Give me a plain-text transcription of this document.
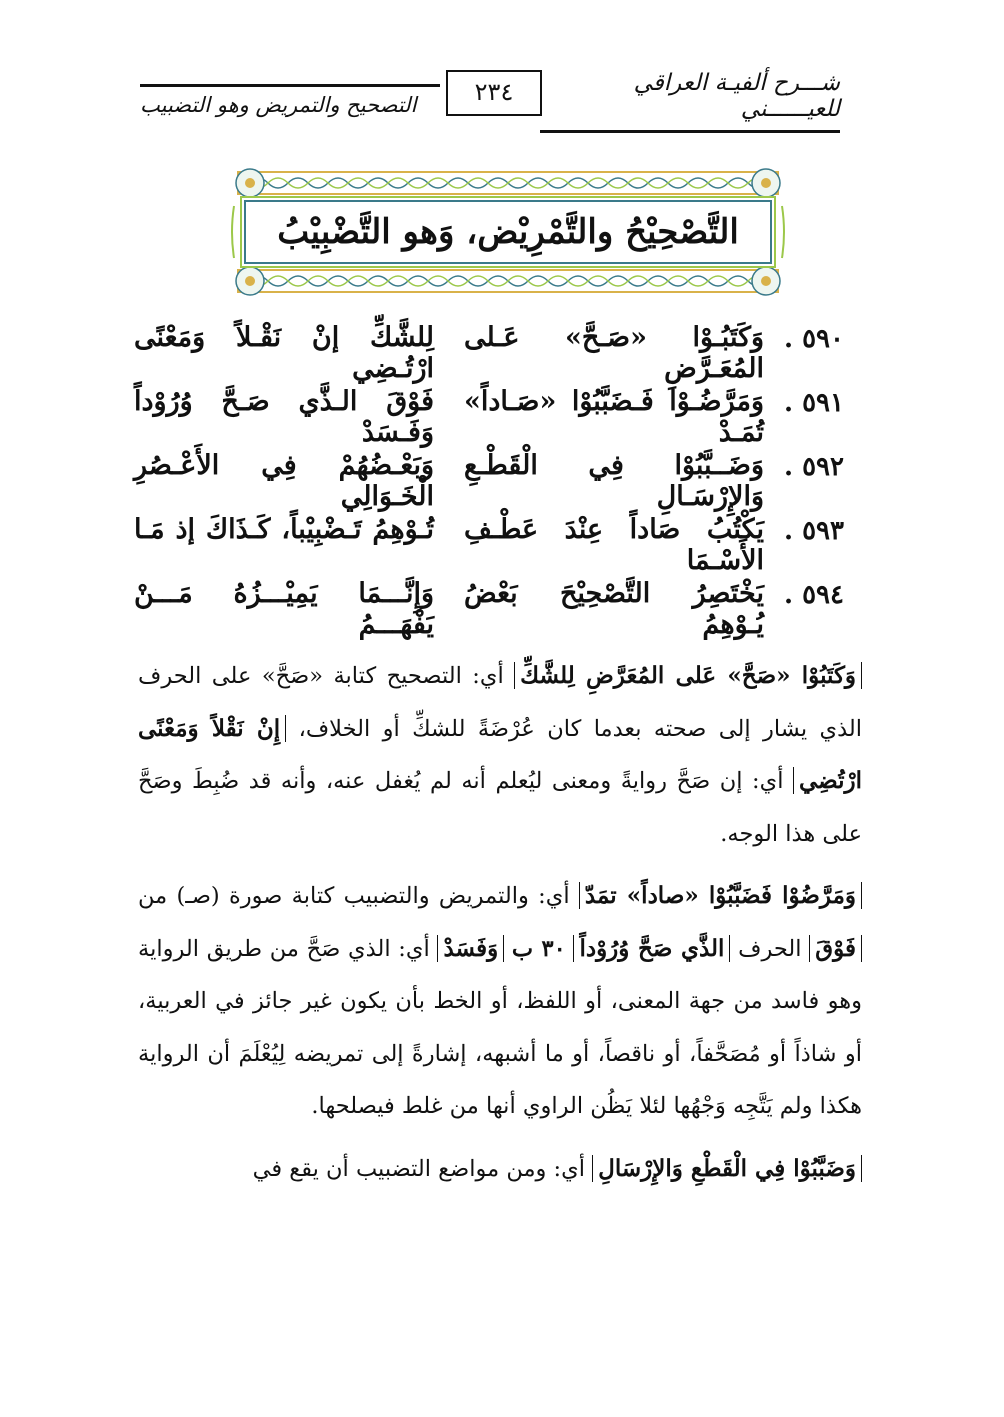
شـــرح ألفيـة العراقي للعيــــــني
٢٣٤
التصحيح والتمريض وهو التضبيب
التَّصْحِيْحُ والتَّمْرِيْض، وَهو التَّضْبِيْبُ
٥٩٠ .
وَكَتَبُـوْا «صَـحَّ» عَـلى المُعَـرَّضِ
لِلشَّكِّ إنْ نَقْـلاً وَمَعْنًى ارْتُـضِي
٥٩١ .
وَمَرَّضُـوْا فَـضَبَّبُوْا «صَـاداً» تُمَـدْ
فَوْقَ الـذَّي صَـحَّ وُرُوْداً وَفَـسَدْ
٥٩٢ .
وَضَــبَّبُوْا فِي الْقَطْـعِ وَالإِرْسَـالِ
وَبَعْـضُهُمْ فِي الأَعْـصُرِ الْخَـوَالِي
٥٩٣ .
يَكْتُبُ صَاداً عِنْدَ عَطْـفِ الأَسْـمَا
تُـوْهِمُ تَـضْبِيْباً، كَـذَاكَ إذ مَـا
٥٩٤ .
يَخْتَصِرُ التَّصْحِيْحَ بَعْضُ يُـوْهِمُ
وَإِنَّـــمَا يَمِيْـــزُهُ مَـــنْ يَفْهَـــمُ

وَكَتَبُوْا «صَحَّ» عَلى المُعَرَّضِ لِلشَّكِّ أي: التصحيح كتابة «صَحَّ» على الحرف الذي يشار إلى صحته بعدما كان عُرْضَةً للشكِّ أو الخلاف، إِنْ نَقْلاً وَمَعْنًى ارْتُضِي أي: إن صَحَّ روايةً ومعنى ليُعلم أنه لم يُغفل عنه، وأنه قد ضُبِطَ وصَحَّ على هذا الوجه.

وَمَرَّضُوْا فَضَبَّبُوْا «صاداً» تمَدّ أي: والتمريض والتضبيب كتابة صورة (صـ) من فَوْقَ الحرف الذَّي صَحَّ وُرُوْداً ٣٠ ب وَفَسَدْ أي: الذي صَحَّ من طريق الرواية وهو فاسد من جهة المعنى، أو اللفظ، أو الخط بأن يكون غير جائز في العربية، أو شاذاً أو مُصَحَّفاً، أو ناقصاً، أو ما أشبهه، إشارةً إلى تمريضه لِيُعْلَمَ أن الرواية هكذا ولم يَتَّجِه وَجْهُها لئلا يَظُن الراوي أنها من غلط فيصلحها.

وَضَبَّبُوْا فِي الْقَطْعِ وَالإِرْسَالِ أي: ومن مواضع التضبيب أن يقع في
